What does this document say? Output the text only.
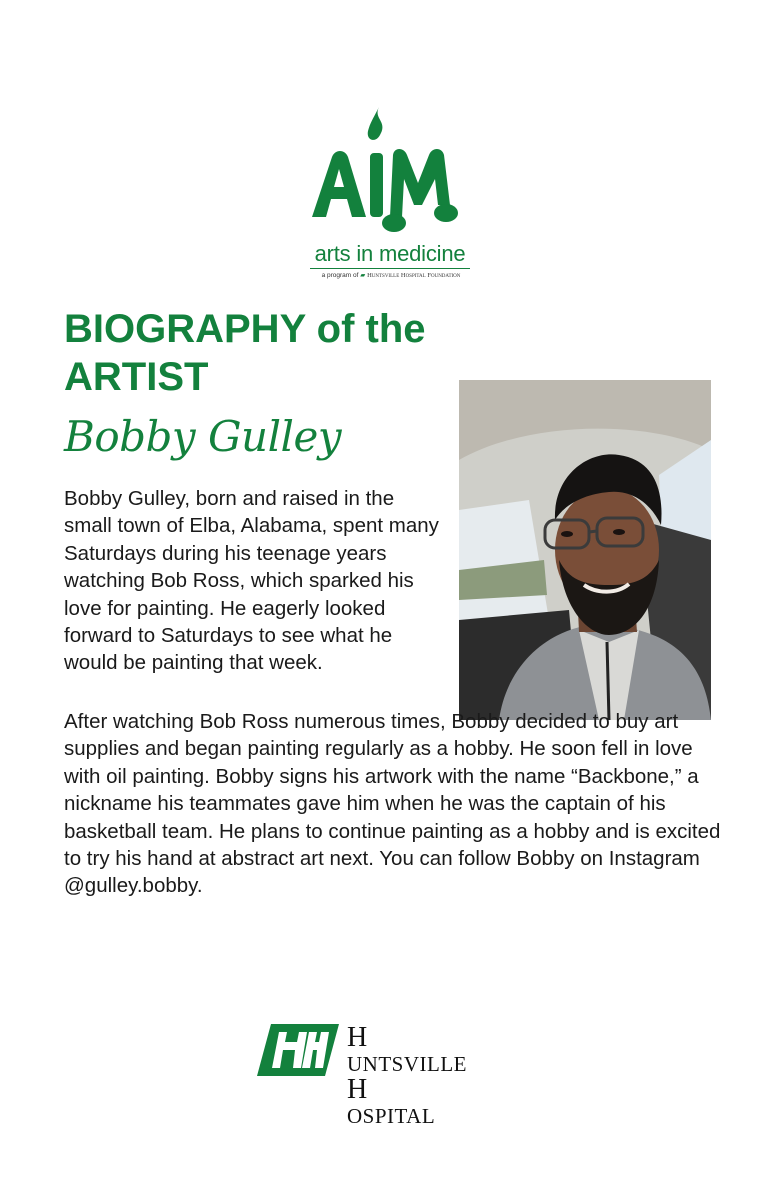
arts in medicine
a program of ▰ Huntsville Hospital Foundation
BIOGRAPHY of the
ARTIST
Bobby Gulley

Bobby Gulley, born and raised in the small town of Elba, Alabama, spent many Saturdays during his teenage years watching Bob Ross, which sparked his love for painting. He eagerly looked forward to Saturdays to see what he would be painting that week.

After watching Bob Ross numerous times, Bobby decided to buy art supplies and began painting regularly as a hobby. He soon fell in love with oil painting. Bobby signs his artwork with the name “Backbone,” a nickname his teammates gave him when he was the captain of his basketball team. He plans to continue painting as a hobby and is excited to try his hand at abstract art next. You can follow Bobby on Instagram @gulley.bobby.

H
UNTSVILLE
H
OSPITAL
